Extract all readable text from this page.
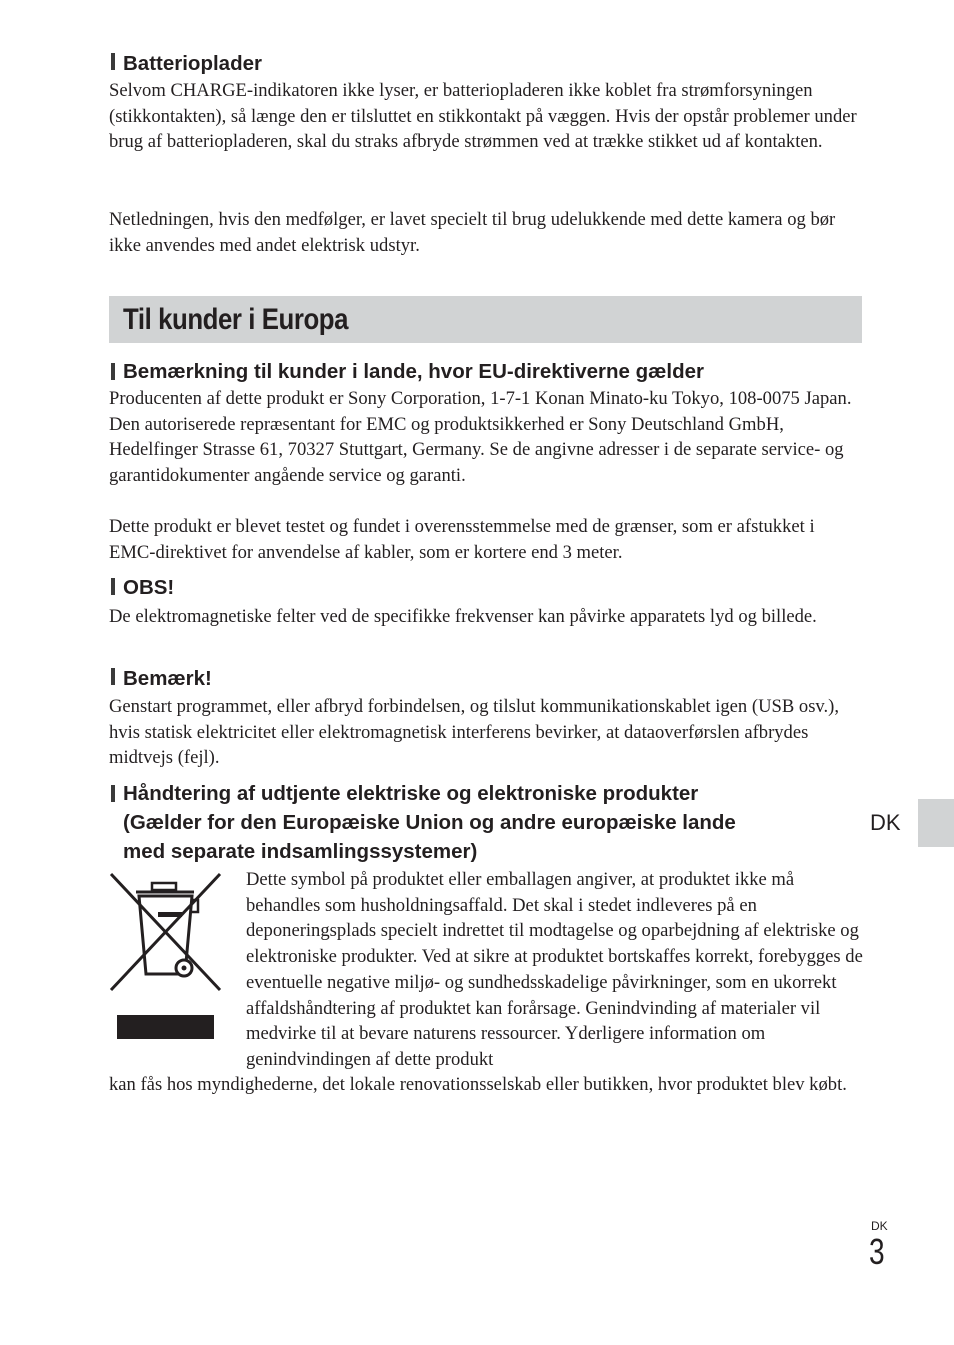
Batterioplader

Selvom CHARGE-indikatoren ikke lyser, er batteriopladeren ikke koblet fra strømforsyningen (stikkontakten), så længe den er tilsluttet en stikkontakt på væggen. Hvis der opstår problemer under brug af batteriopladeren, skal du straks afbryde strømmen ved at trække stikket ud af kontakten.

Netledningen, hvis den medfølger, er lavet specielt til brug udelukkende med dette kamera og bør ikke anvendes med andet elektrisk udstyr.

Til kunder i Europa
Bemærkning til kunder i lande, hvor EU-direktiverne gælder

Producenten af dette produkt er Sony Corporation, 1-7-1 Konan Minato-ku Tokyo, 108-0075 Japan. Den autoriserede repræsentant for EMC og produktsikkerhed er Sony Deutschland GmbH, Hedelfinger Strasse 61, 70327 Stuttgart, Germany. Se de angivne adresser i de separate service- og garantidokumenter angående service og garanti.

Dette produkt er blevet testet og fundet i overensstemmelse med de grænser, som er afstukket i EMC-direktivet for anvendelse af kabler, som er kortere end 3 meter.

OBS!

De elektromagnetiske felter ved de specifikke frekvenser kan påvirke apparatets lyd og billede.

Bemærk!

Genstart programmet, eller afbryd forbindelsen, og tilslut kommunikationskablet igen (USB osv.), hvis statisk elektricitet eller elektromagnetisk interferens bevirker, at dataoverførslen afbrydes midtvejs (fejl).

Håndtering af udtjente elektriske og elektroniske produkter
(Gælder for den Europæiske Union og andre europæiske lande
med separate indsamlingssystemer)

Dette symbol på produktet eller emballagen angiver, at produktet ikke må behandles som husholdningsaffald. Det skal i stedet indleveres på en deponeringsplads specielt indrettet til modtagelse og oparbejdning af elektriske og elektroniske produkter. Ved at sikre at produktet bortskaffes korrekt, forebygges de eventuelle negative miljø- og sundhedsskadelige påvirkninger, som en ukorrekt affaldshåndtering af produktet kan forårsage. Genindvinding af materialer vil medvirke til at bevare naturens ressourcer. Yderligere information om genindvindingen af dette produkt

kan fås hos myndighederne, det lokale renovationsselskab eller butikken, hvor produktet blev købt.

DK
DK
3
